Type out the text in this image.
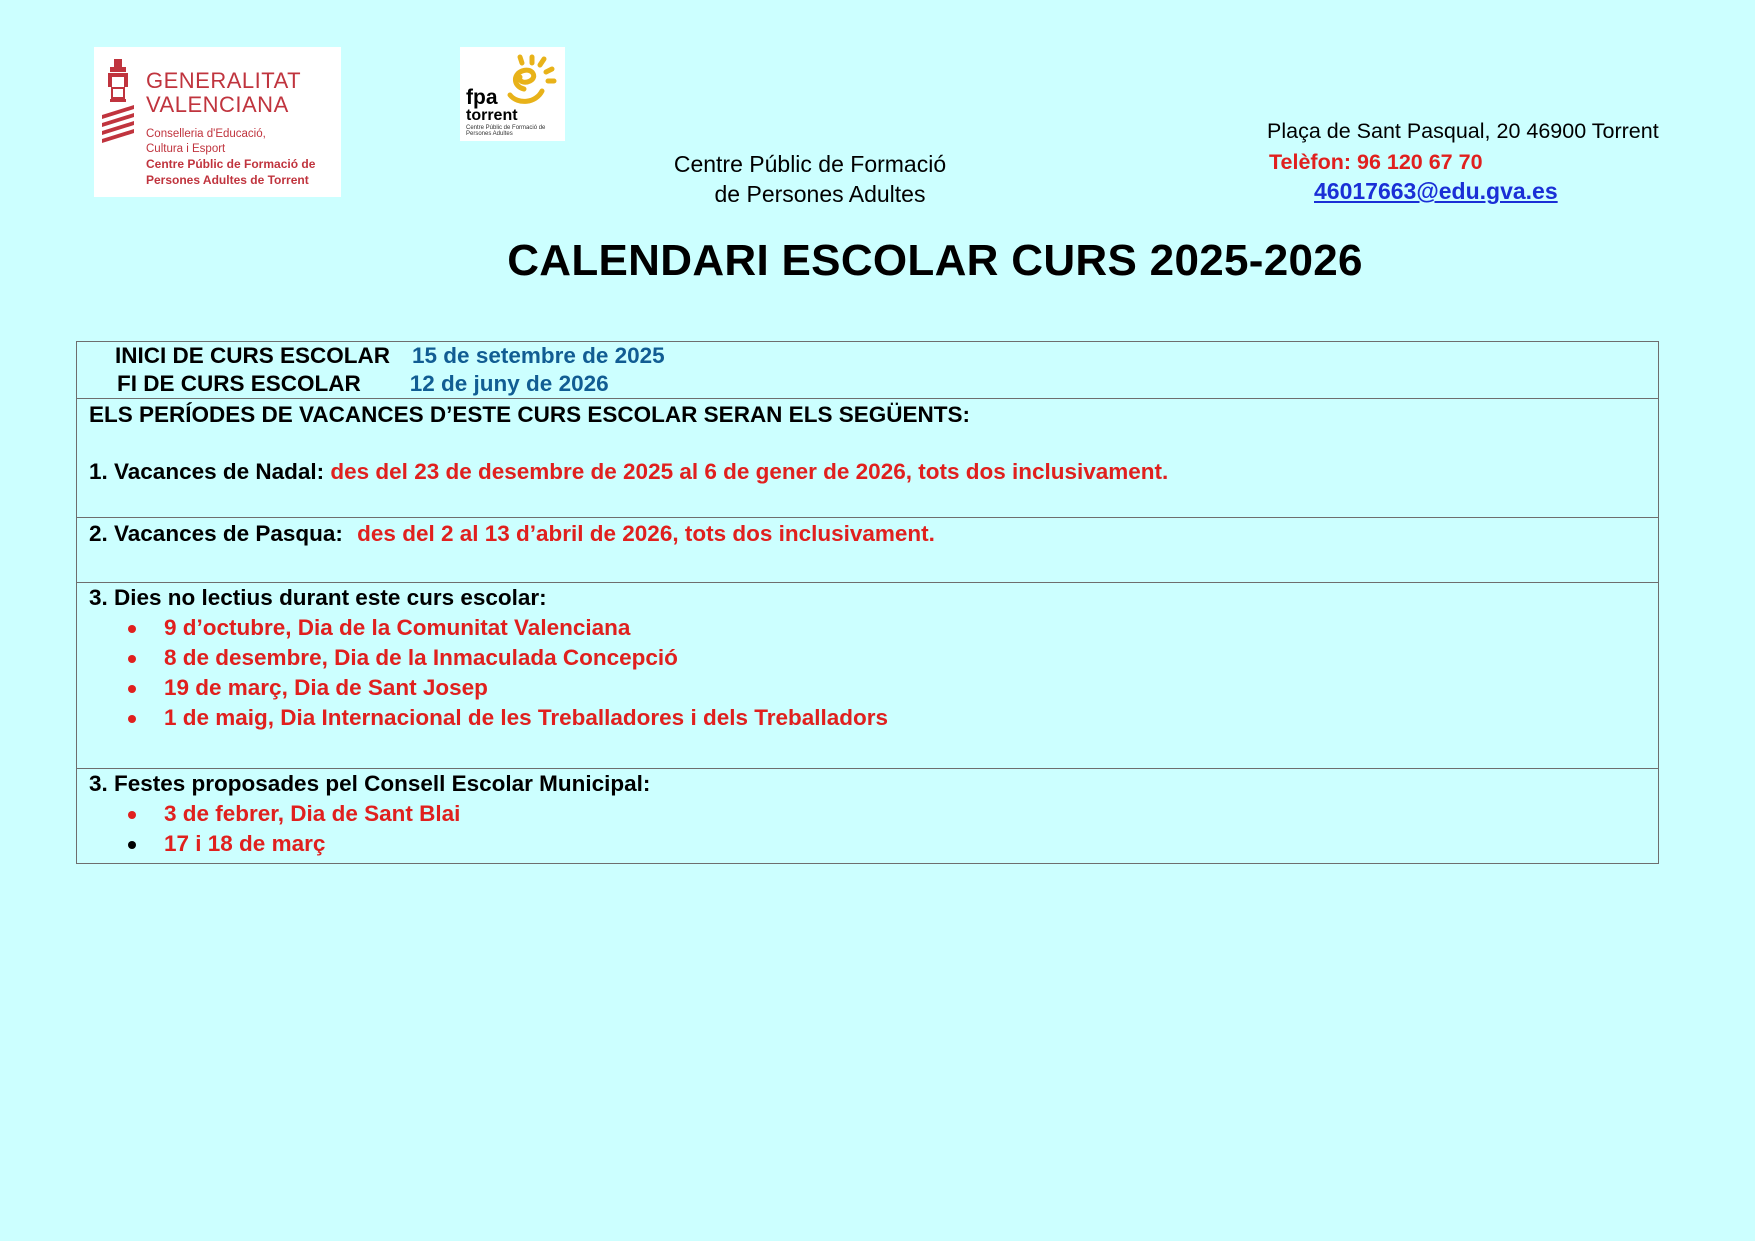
GENERALITAT
VALENCIANA
Conselleria d'Educació,
Cultura i Esport
Centre Públic de Formació de
Persones Adultes de Torrent
fpa
torrent
Centre Públic de Formació de Persones Adultes
Centre Públic de Formació
de Persones Adultes
Plaça de Sant Pasqual, 20 46900 Torrent
Telèfon: 96 120 67 70
46017663@edu.gva.es
CALENDARI ESCOLAR CURS 2025-2026
INICI DE CURS ESCOLAR 15 de setembre de 2025
FI DE CURS ESCOLAR 12 de juny de 2026

ELS PERÍODES DE VACANCES D’ESTE CURS ESCOLAR SERAN ELS SEGÜENTS:
1. Vacances de Nadal: des del 23 de desembre de 2025 al 6 de gener de 2026, tots dos inclusivament.

2. Vacances de Pasqua: des del 2 al 13 d’abril de 2026, tots dos inclusivament.

3. Dies no lectius durant este curs escolar:
9 d’octubre, Dia de la Comunitat Valenciana
8 de desembre, Dia de la Inmaculada Concepció
19 de març, Dia de Sant Josep
1 de maig, Dia Internacional de les Treballadores i dels Treballadors

3. Festes proposades pel Consell Escolar Municipal:
3 de febrer, Dia de Sant Blai
17 i 18 de març
